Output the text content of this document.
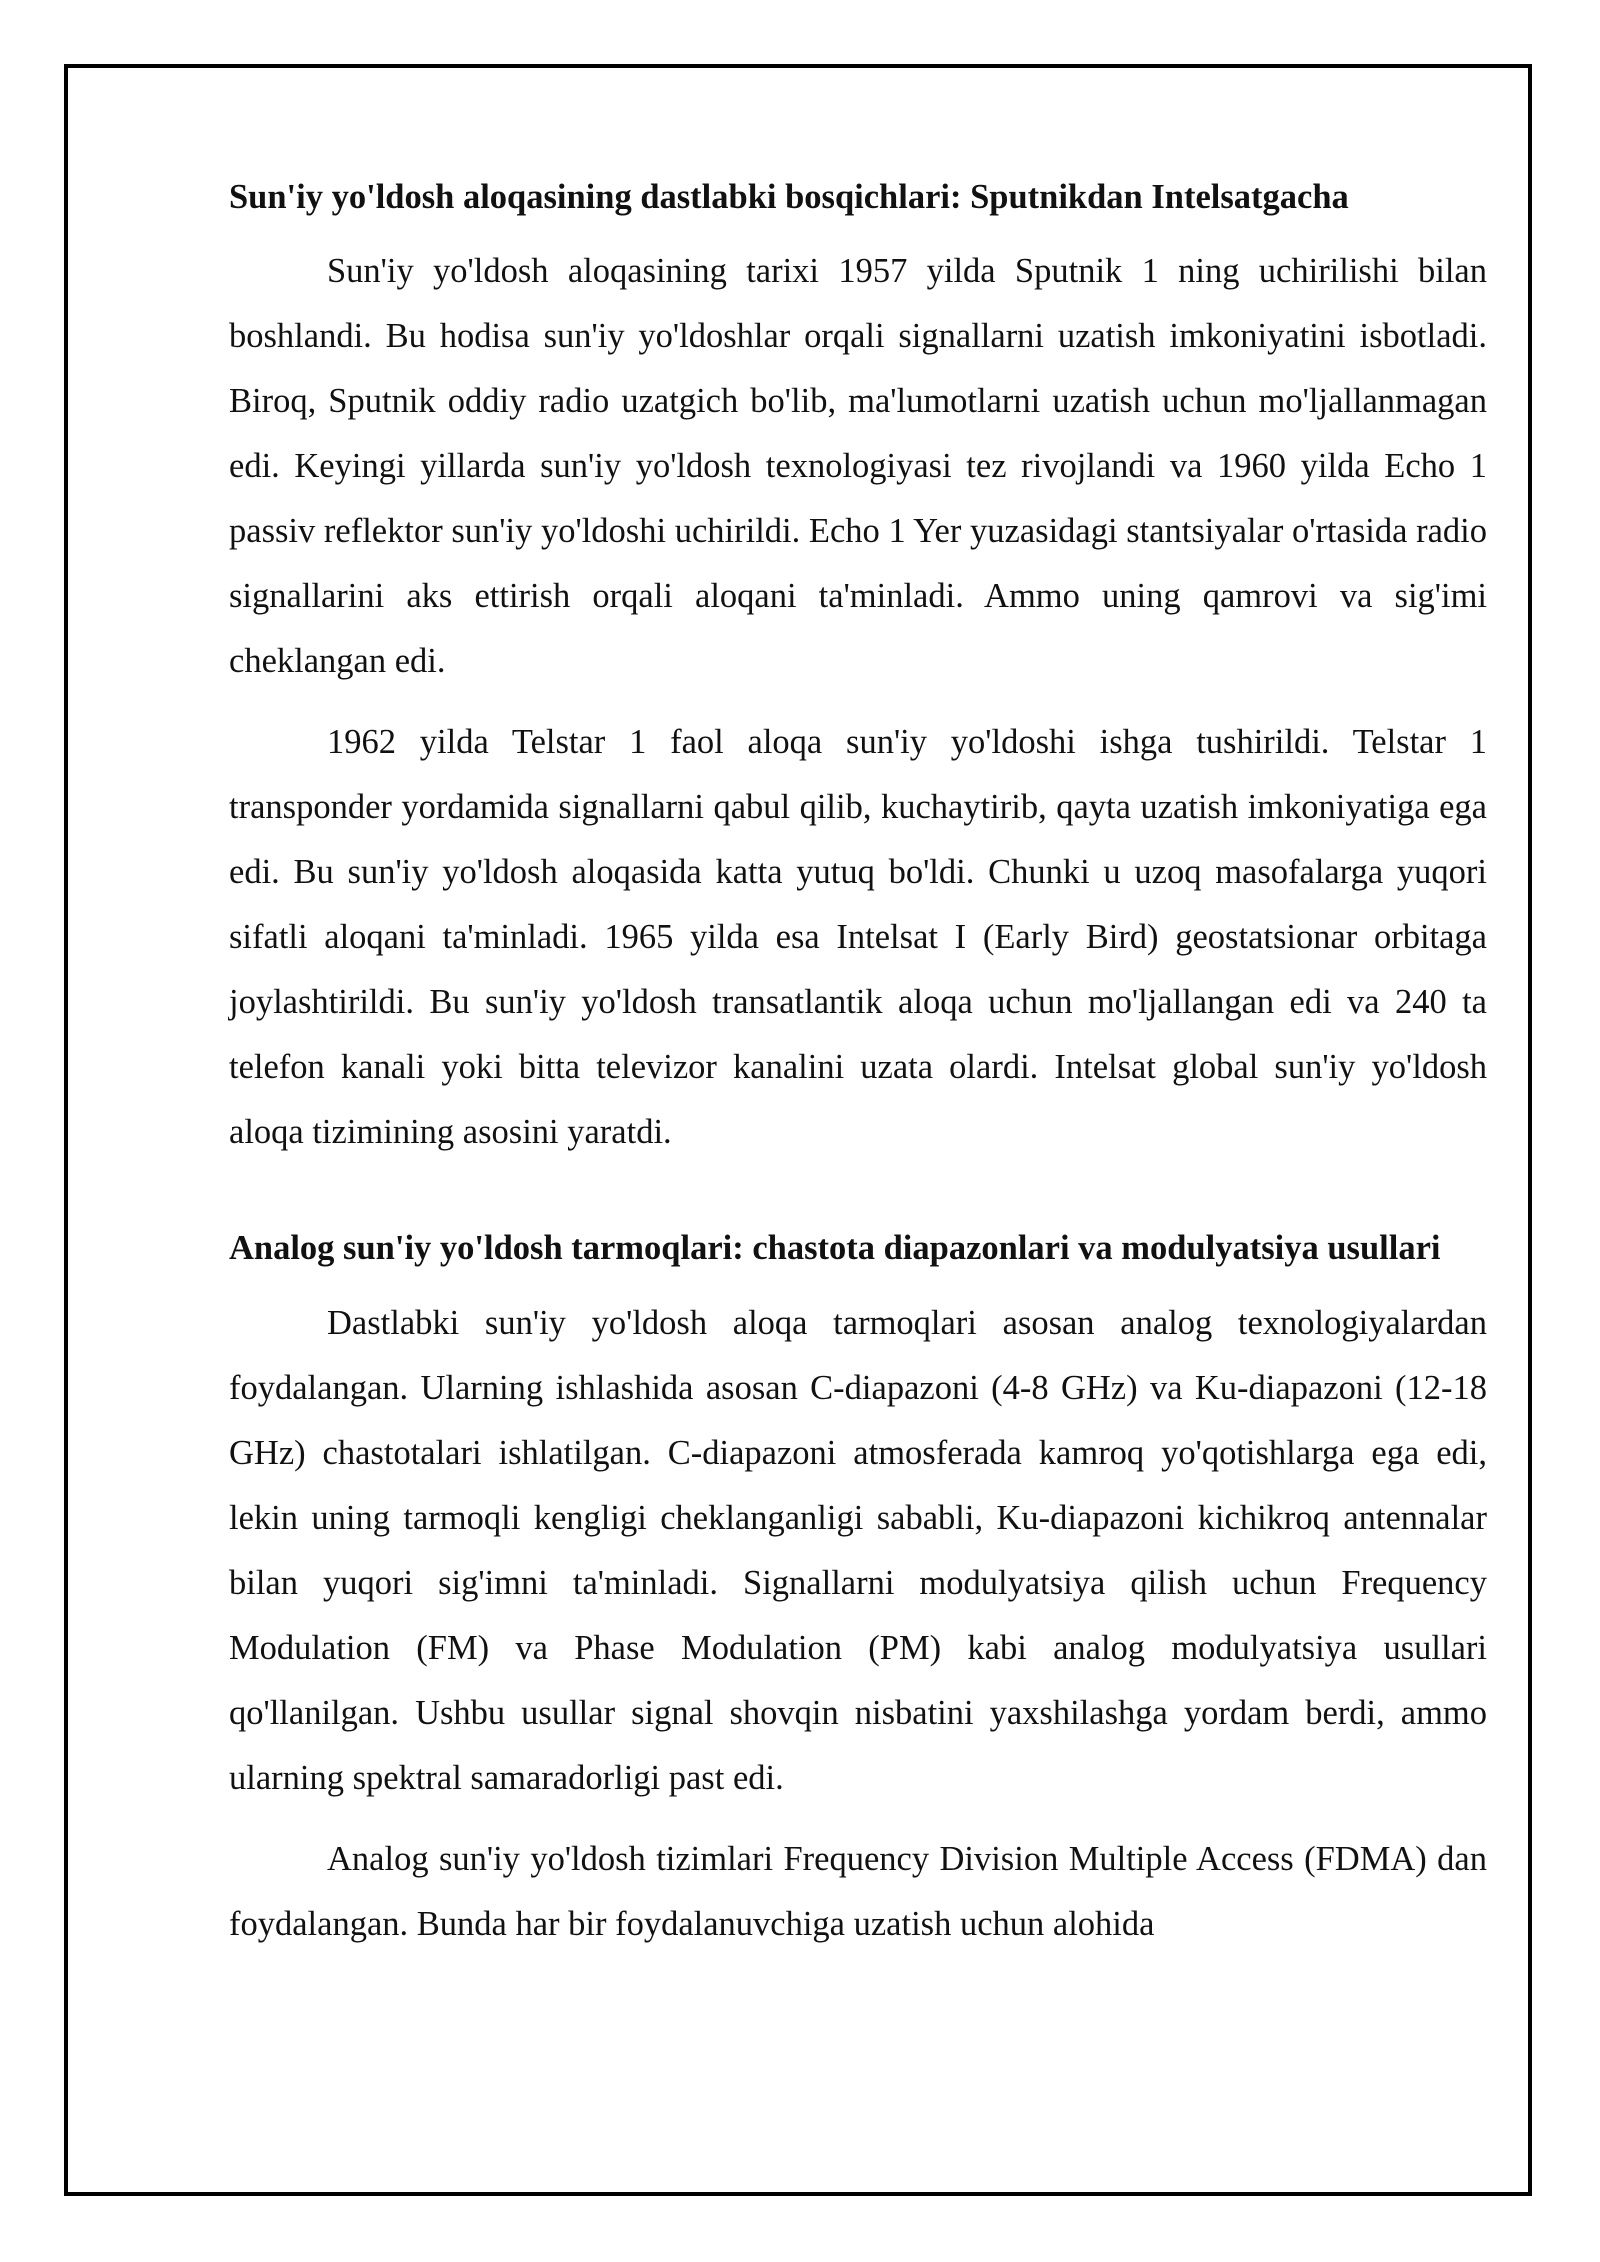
Sun'iy yo'ldosh aloqasining dastlabki bosqichlari: Sputnikdan Intelsatgacha

Sun'iy yo'ldosh aloqasining tarixi 1957 yilda Sputnik 1 ning uchirilishi bilan boshlandi. Bu hodisa sun'iy yo'ldoshlar orqali signallarni uzatish imkoniyatini isbotladi. Biroq, Sputnik oddiy radio uzatgich bo'lib, ma'lumotlarni uzatish uchun mo'ljallanmagan edi. Keyingi yillarda sun'iy yo'ldosh texnologiyasi tez rivojlandi va 1960 yilda Echo 1 passiv reflektor sun'iy yo'ldoshi uchirildi. Echo 1 Yer yuzasidagi stantsiyalar o'rtasida radio signallarini aks ettirish orqali aloqani ta'minladi. Ammo uning qamrovi va sig'imi cheklangan edi.

1962 yilda Telstar 1 faol aloqa sun'iy yo'ldoshi ishga tushirildi. Telstar 1 transponder yordamida signallarni qabul qilib, kuchaytirib, qayta uzatish imkoniyatiga ega edi. Bu sun'iy yo'ldosh aloqasida katta yutuq bo'ldi. Chunki u uzoq masofalarga yuqori sifatli aloqani ta'minladi. 1965 yilda esa Intelsat I (Early Bird) geostatsionar orbitaga joylashtirildi. Bu sun'iy yo'ldosh transatlantik aloqa uchun mo'ljallangan edi va 240 ta telefon kanali yoki bitta televizor kanalini uzata olardi. Intelsat global sun'iy yo'ldosh aloqa tizimining asosini yaratdi.

Analog sun'iy yo'ldosh tarmoqlari: chastota diapazonlari va modulyatsiya usullari

Dastlabki sun'iy yo'ldosh aloqa tarmoqlari asosan analog texnologiyalardan foydalangan. Ularning ishlashida asosan C-diapazoni (4-8 GHz) va Ku-diapazoni (12-18 GHz) chastotalari ishlatilgan. C-diapazoni atmosferada kamroq yo'qotishlarga ega edi, lekin uning tarmoqli kengligi cheklanganligi sababli, Ku-diapazoni kichikroq antennalar bilan yuqori sig'imni ta'minladi. Signallarni modulyatsiya qilish uchun Frequency Modulation (FM) va Phase Modulation (PM) kabi analog modulyatsiya usullari qo'llanilgan. Ushbu usullar signal shovqin nisbatini yaxshilashga yordam berdi, ammo ularning spektral samaradorligi past edi.

Analog sun'iy yo'ldosh tizimlari Frequency Division Multiple Access (FDMA) dan foydalangan. Bunda har bir foydalanuvchiga uzatish uchun alohida
